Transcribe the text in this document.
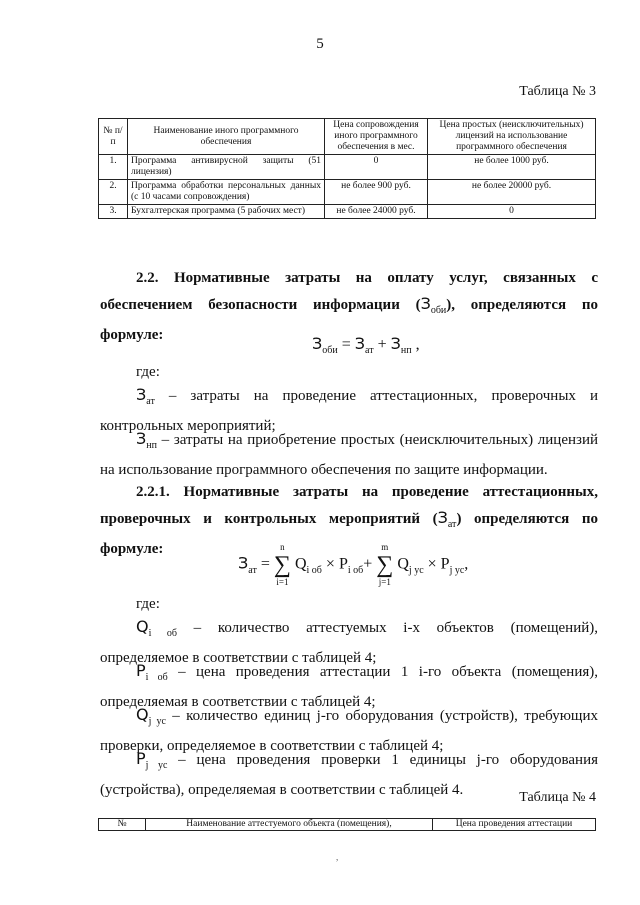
5
Таблица № 3
№ п/п	Наименование иного программного обеспечения	Цена сопровождения иного программного обеспечения в мес.	Цена простых (неисключительных) лицензий на использование программного обеспечения
1.	Программа антивирусной защиты (51 лицензия)	0	не более 1000 руб.
2.	Программа обработки персональных данных (с 10 часами сопровождения)	не более 900 руб.	не более 20000 руб.
3.	Бухгалтерская программа (5 рабочих мест)	не более 24000 руб.	0
2.2. Нормативные затраты на оплату услуг, связанных с обеспечением безопасности информации $(З_{оби})$, определяются по формуле:	$З_{оби} = З_{ат} + З_{нп}$ ,
где:
$З_{ат}$ – затраты на проведение аттестационных, проверочных и контрольных мероприятий;
$З_{нп}$ – затраты на приобретение простых (неисключительных) лицензий на использование программного обеспечения по защите информации.
2.2.1. Нормативные затраты на проведение аттестационных, проверочных и контрольных мероприятий $(З_{ат})$ определяются по формуле:
$З_{ат}$ =
n
∑
i=1
$Q_{i об} \times P_{i об}+$
m
∑
j=1
$Q_{j ус} \times P_{j ус}$,
где:
$Q_{i об}$ – количество аттестуемых i-х объектов (помещений), определяемое в соответствии с таблицей 4;
$P_{i об}$ – цена проведения аттестации 1 i-го объекта (помещения), определяемая в соответствии с таблицей 4;
$Q_{j ус}$ – количество единиц j-го оборудования (устройств), требующих проверки, определяемое в соответствии с таблицей 4;
$P_{j ус}$ – цена проведения проверки 1 единицы j-го оборудования (устройства), определяемая в соответствии с таблицей 4.	Таблица № 4
№	Наименование аттестуемого объекта (помещения),	Цена проведения аттестации
,
